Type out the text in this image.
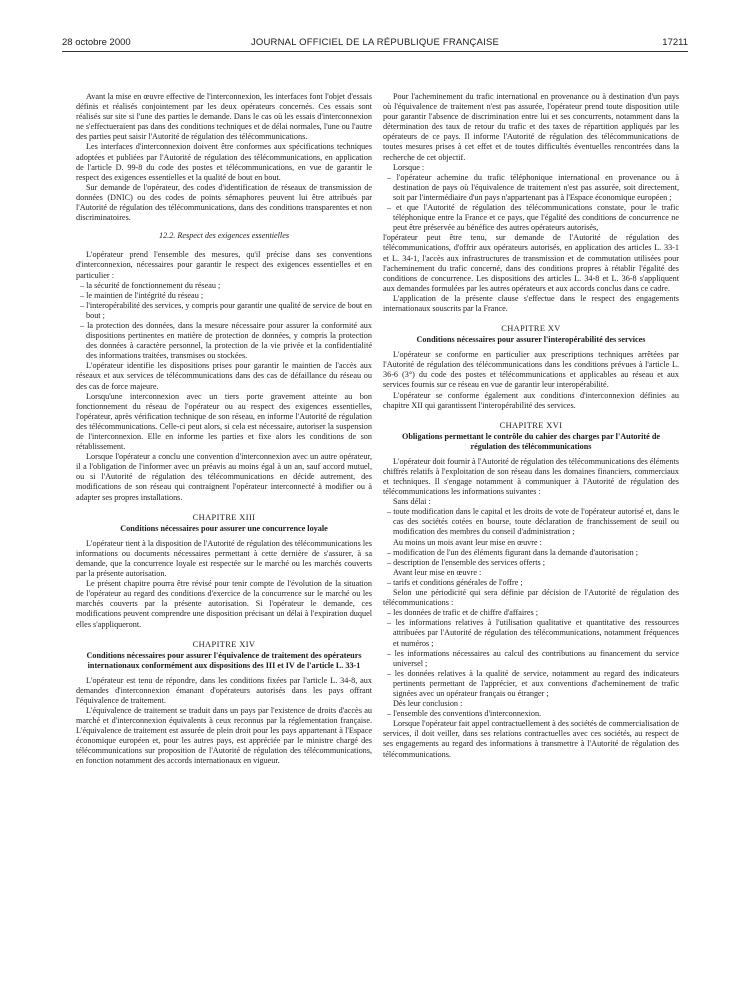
28 octobre 2000	JOURNAL OFFICIEL DE LA RÉPUBLIQUE FRANÇAISE	17211

Avant la mise en œuvre effective de l'interconnexion, les interfaces font l'objet d'essais définis et réalisés conjointement par les deux opérateurs concernés. Ces essais sont réalisés sur site si l'une des parties le demande. Dans le cas où les essais d'interconnexion ne s'effectueraient pas dans des conditions techniques et de délai normales, l'une ou l'autre des parties peut saisir l'Autorité de régulation des télécommunications.

Les interfaces d'interconnexion doivent être conformes aux spécifications techniques adoptées et publiées par l'Autorité de régulation des télécommunications, en application de l'article D. 99-8 du code des postes et télécommunications, en vue de garantir le respect des exigences essentielles et la qualité de bout en bout.

Sur demande de l'opérateur, des codes d'identification de réseaux de transmission de données (DNIC) ou des codes de points sémaphores peuvent lui être attribués par l'Autorité de régulation des télécommunications, dans des conditions transparentes et non discriminatoires.

12.2. Respect des exigences essentielles

L'opérateur prend l'ensemble des mesures, qu'il précise dans ses conventions d'interconnexion, nécessaires pour garantir le respect des exigences essentielles et en particulier :

– la sécurité de fonctionnement du réseau ;
– le maintien de l'intégrité du réseau ;
– l'interopérabilité des services, y compris pour garantir une qualité de service de bout en bout ;
– la protection des données, dans la mesure nécessaire pour assurer la conformité aux dispositions pertinentes en matière de protection de données, y compris la protection des données à caractère personnel, la protection de la vie privée et la confidentialité des informations traitées, transmises ou stockées.

L'opérateur identifie les dispositions prises pour garantir le maintien de l'accès aux réseaux et aux services de télécommunications dans des cas de défaillance du réseau ou des cas de force majeure.

Lorsqu'une interconnexion avec un tiers porte gravement atteinte au bon fonctionnement du réseau de l'opérateur ou au respect des exigences essentielles, l'opérateur, après vérification technique de son réseau, en informe l'Autorité de régulation des télécommunications. Celle-ci peut alors, si cela est nécessaire, autoriser la suspension de l'interconnexion. Elle en informe les parties et fixe alors les conditions de son rétablissement.

Lorsque l'opérateur a conclu une convention d'interconnexion avec un autre opérateur, il a l'obligation de l'informer avec un préavis au moins égal à un an, sauf accord mutuel, ou si l'Autorité de régulation des télécommunications en décide autrement, des modifications de son réseau qui contraignent l'opérateur interconnecté à modifier ou à adapter ses propres installations.

CHAPITRE XIII
Conditions nécessaires pour assurer une concurrence loyale

L'opérateur tient à la disposition de l'Autorité de régulation des télécommunications les informations ou documents nécessaires permettant à cette dernière de s'assurer, à sa demande, que la concurrence loyale est respectée sur le marché ou les marchés couverts par la présente autorisation.

Le présent chapitre pourra être révisé pour tenir compte de l'évolution de la situation de l'opérateur au regard des conditions d'exercice de la concurrence sur le marché ou les marchés couverts par la présente autorisation. Si l'opérateur le demande, ces modifications peuvent comprendre une disposition précisant un délai à l'expiration duquel elles s'appliqueront.

CHAPITRE XIV
Conditions nécessaires pour assurer l'équivalence de traitement des opérateurs internationaux conformément aux dispositions des III et IV de l'article L. 33-1

L'opérateur est tenu de répondre, dans les conditions fixées par l'article L. 34-8, aux demandes d'interconnexion émanant d'opérateurs autorisés dans les pays offrant l'équivalence de traitement.

L'équivalence de traitement se traduit dans un pays par l'existence de droits d'accès au marché et d'interconnexion équivalents à ceux reconnus par la réglementation française. L'équivalence de traitement est assurée de plein droit pour les pays appartenant à l'Espace économique européen et, pour les autres pays, est appréciée par le ministre chargé des télécommunications sur proposition de l'Autorité de régulation des télécommunications, en fonction notamment des accords internationaux en vigueur.

Pour l'acheminement du trafic international en provenance ou à destination d'un pays où l'équivalence de traitement n'est pas assurée, l'opérateur prend toute disposition utile pour garantir l'absence de discrimination entre lui et ses concurrents, notamment dans la détermination des taux de retour du trafic et des taxes de répartition appliqués par les opérateurs de ce pays. Il informe l'Autorité de régulation des télécommunications de toutes mesures prises à cet effet et de toutes difficultés éventuelles rencontrées dans la recherche de cet objectif.

Lorsque :

– l'opérateur achemine du trafic téléphonique international en provenance ou à destination de pays où l'équivalence de traitement n'est pas assurée, soit directement, soit par l'intermédiaire d'un pays n'appartenant pas à l'Espace économique européen ;
– et que l'Autorité de régulation des télécommunications constate, pour le trafic téléphonique entre la France et ce pays, que l'égalité des conditions de concurrence ne peut être préservée au bénéfice des autres opérateurs autorisés,

l'opérateur peut être tenu, sur demande de l'Autorité de régulation des télécommunications, d'offrir aux opérateurs autorisés, en application des articles L. 33-1 et L. 34-1, l'accès aux infrastructures de transmission et de commutation utilisées pour l'acheminement du trafic concerné, dans des conditions propres à rétablir l'égalité des conditions de concurrence. Les dispositions des articles L. 34-8 et L. 36-8 s'appliquent aux demandes formulées par les autres opérateurs et aux accords conclus dans ce cadre.

L'application de la présente clause s'effectue dans le respect des engagements internationaux souscrits par la France.

CHAPITRE XV
Conditions nécessaires pour assurer l'interopérabilité des services

L'opérateur se conforme en particulier aux prescriptions techniques arrêtées par l'Autorité de régulation des télécommunications dans les conditions prévues à l'article L. 36-6 (3°) du code des postes et télécommunications et applicables au réseau et aux services fournis sur ce réseau en vue de garantir leur interopérabilité.

L'opérateur se conforme également aux conditions d'interconnexion définies au chapitre XII qui garantissent l'interopérabilité des services.

CHAPITRE XVI
Obligations permettant le contrôle du cahier des charges par l'Autorité de régulation des télécommunications

L'opérateur doit fournir à l'Autorité de régulation des télécommunications des éléments chiffrés relatifs à l'exploitation de son réseau dans les domaines financiers, commerciaux et techniques. Il s'engage notamment à communiquer à l'Autorité de régulation des télécommunications les informations suivantes :

Sans délai :

– toute modification dans le capital et les droits de vote de l'opérateur autorisé et, dans le cas des sociétés cotées en bourse, toute déclaration de franchissement de seuil ou modification des membres du conseil d'administration ;

Au moins un mois avant leur mise en œuvre :

– modification de l'un des éléments figurant dans la demande d'autorisation ;
– description de l'ensemble des services offerts ;

Avant leur mise en œuvre :

– tarifs et conditions générales de l'offre ;

Selon une périodicité qui sera définie par décision de l'Autorité de régulation des télécommunications :

– les données de trafic et de chiffre d'affaires ;
– les informations relatives à l'utilisation qualitative et quantitative des ressources attribuées par l'Autorité de régulation des télécommunications, notamment fréquences et numéros ;
– les informations nécessaires au calcul des contributions au financement du service universel ;
– les données relatives à la qualité de service, notamment au regard des indicateurs pertinents permettant de l'apprécier, et aux conventions d'acheminement de trafic signées avec un opérateur français ou étranger ;

Dès leur conclusion :

– l'ensemble des conventions d'interconnexion.

Lorsque l'opérateur fait appel contractuellement à des sociétés de commercialisation de services, il doit veiller, dans ses relations contractuelles avec ces sociétés, au respect de ses engagements au regard des informations à transmettre à l'Autorité de régulation des télécommunications.
